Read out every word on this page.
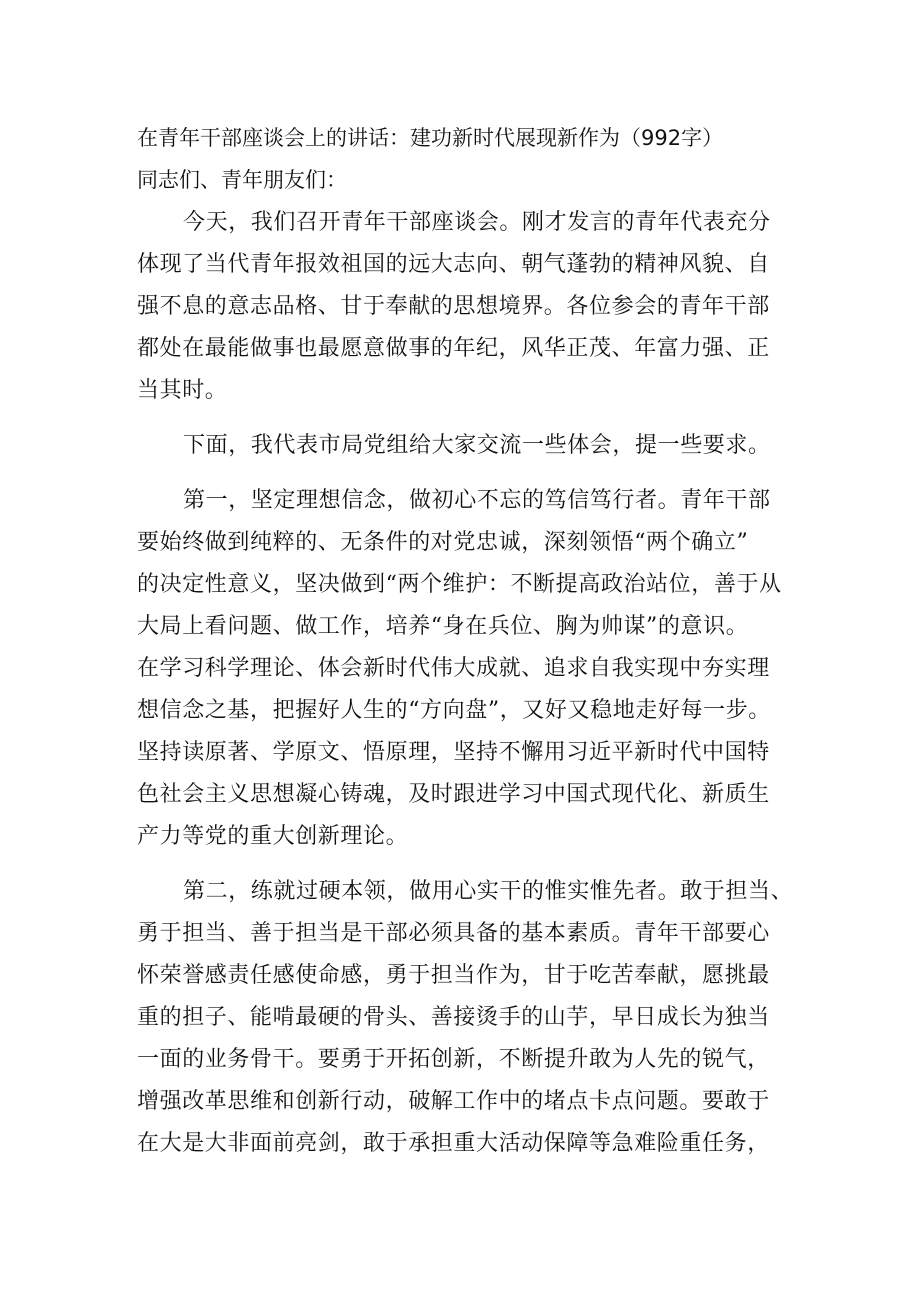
在青年干部座谈会上的讲话：建功新时代展现新作为（992字）
同志们、青年朋友们：
今天，我们召开青年干部座谈会。刚才发言的青年代表充分
体现了当代青年报效祖国的远大志向、朝气蓬勃的精神风貌、自
强不息的意志品格、甘于奉献的思想境界。各位参会的青年干部
都处在最能做事也最愿意做事的年纪，风华正茂、年富力强、正
当其时。
下面，我代表市局党组给大家交流一些体会，提一些要求。
第一，坚定理想信念，做初心不忘的笃信笃行者。青年干部
要始终做到纯粹的、无条件的对党忠诚，深刻领悟“两个确立”
的决定性意义，坚决做到“两个维护：不断提高政治站位，善于从
大局上看问题、做工作，培养“身在兵位、胸为帅谋”的意识。
在学习科学理论、体会新时代伟大成就、追求自我实现中夯实理
想信念之基，把握好人生的“方向盘”，又好又稳地走好每一步。
坚持读原著、学原文、悟原理，坚持不懈用习近平新时代中国特
色社会主义思想凝心铸魂，及时跟进学习中国式现代化、新质生
产力等党的重大创新理论。
第二，练就过硬本领，做用心实干的惟实惟先者。敢于担当、
勇于担当、善于担当是干部必须具备的基本素质。青年干部要心
怀荣誉感责任感使命感，勇于担当作为，甘于吃苦奉献，愿挑最
重的担子、能啃最硬的骨头、善接烫手的山芋，早日成长为独当
一面的业务骨干。要勇于开拓创新，不断提升敢为人先的锐气，
增强改革思维和创新行动，破解工作中的堵点卡点问题。要敢于
在大是大非面前亮剑，敢于承担重大活动保障等急难险重任务，
